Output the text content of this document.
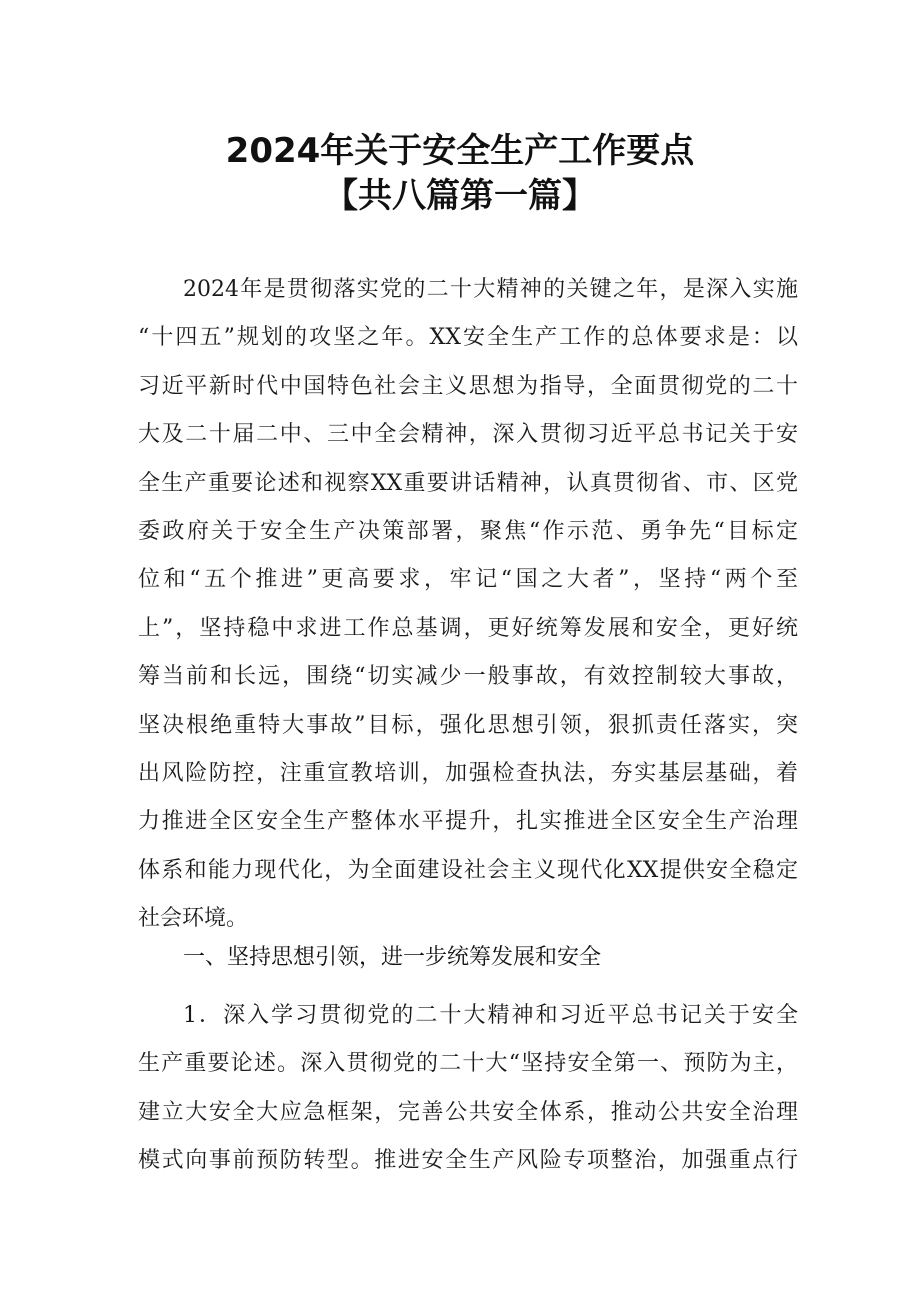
2024年关于安全生产工作要点
【共八篇第一篇】
2024年是贯彻落实党的二十大精神的关键之年，是深入实施
“十四五”规划的攻坚之年。XX安全生产工作的总体要求是：以
习近平新时代中国特色社会主义思想为指导，全面贯彻党的二十
大及二十届二中、三中全会精神，深入贯彻习近平总书记关于安
全生产重要论述和视察XX重要讲话精神，认真贯彻省、市、区党
委政府关于安全生产决策部署，聚焦“作示范、勇争先“目标定
位和“五个推进”更高要求，牢记“国之大者”，坚持“两个至
上”，坚持稳中求进工作总基调，更好统筹发展和安全，更好统
筹当前和长远，围绕“切实减少一般事故，有效控制较大事故，
坚决根绝重特大事故”目标，强化思想引领，狠抓责任落实，突
出风险防控，注重宣教培训，加强检查执法，夯实基层基础，着
力推进全区安全生产整体水平提升，扎实推进全区安全生产治理
体系和能力现代化，为全面建设社会主义现代化XX提供安全稳定
社会环境。
一、坚持思想引领，进一步统筹发展和安全
1．深入学习贯彻党的二十大精神和习近平总书记关于安全
生产重要论述。深入贯彻党的二十大“坚持安全第一、预防为主，
建立大安全大应急框架，完善公共安全体系，推动公共安全治理
模式向事前预防转型。推进安全生产风险专项整治，加强重点行
